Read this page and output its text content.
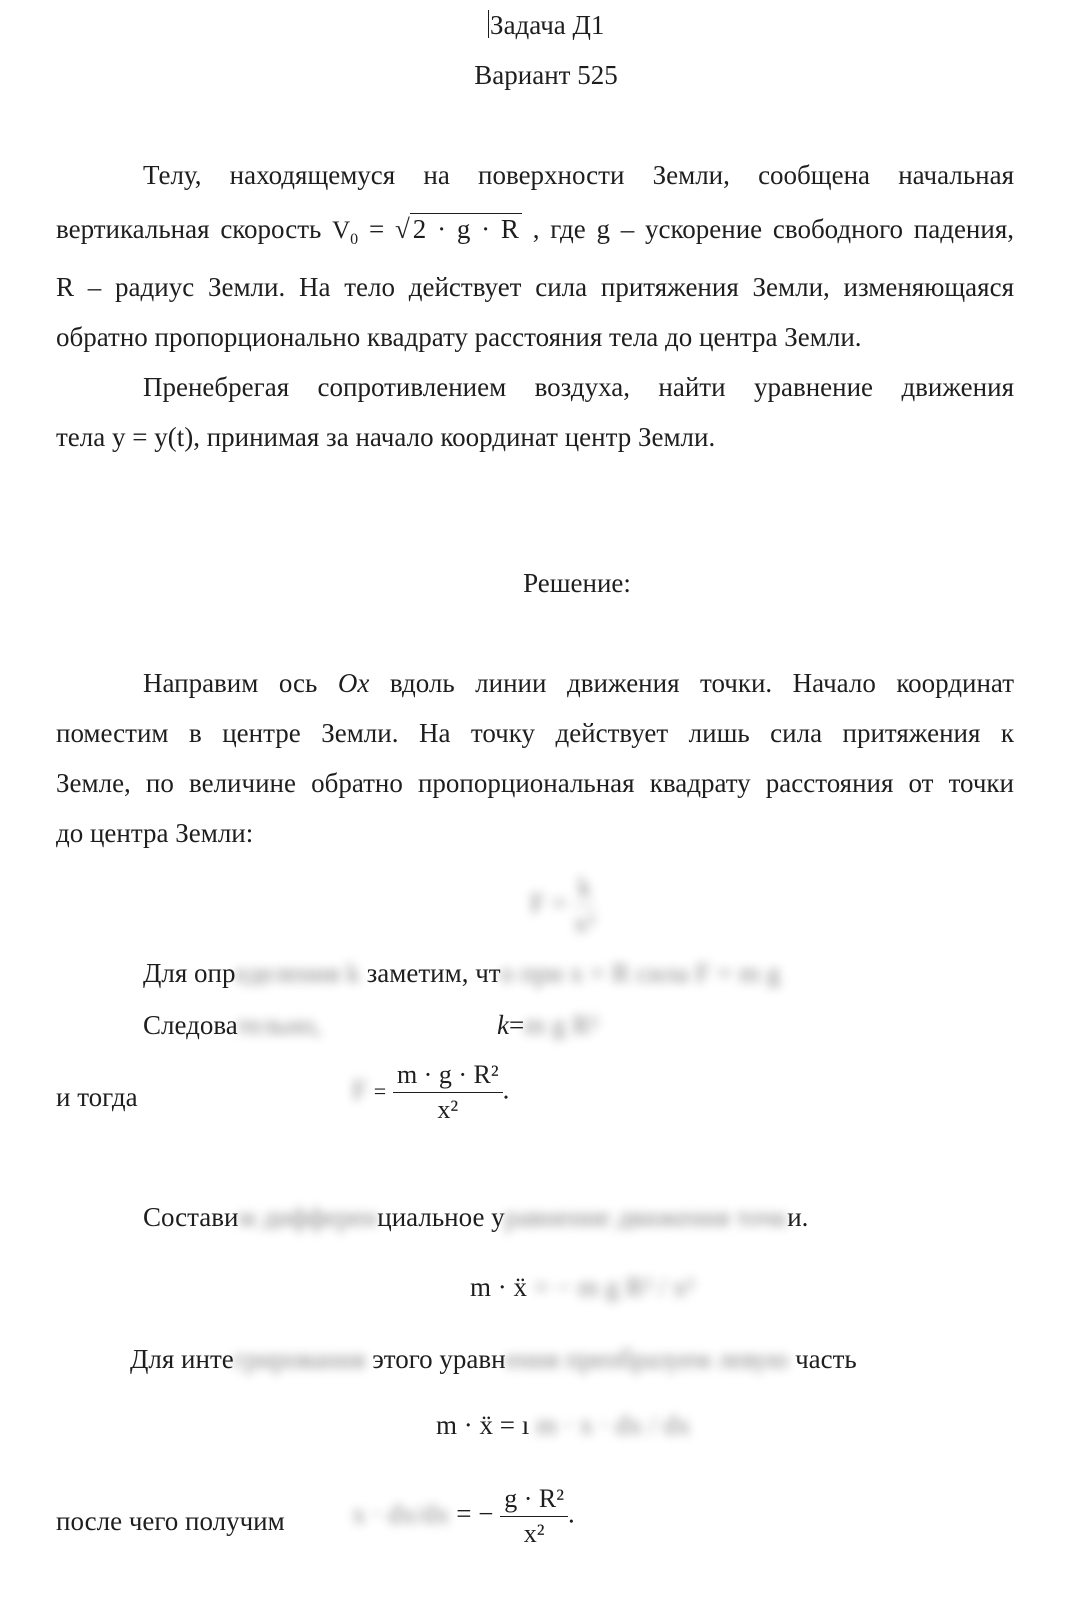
Задача Д1
Вариант 525
Телу, находящемуся на поверхности Земли, сообщена начальная
вертикальная скорость $V_0$ = √ 2 · g · R , где g – ускорение свободного падения,
R – радиус Земли. На тело действует сила притяжения Земли, изменяющаяся
обратно пропорционально квадрату расстояния тела до центра Земли.
Пренебрегая сопротивлением воздуха, найти уравнение движения
тела y = y(t), принимая за начало координат центр Земли.
Решение:
Направим ось Ox вдоль линии движения точки. Начало координат
поместим в центре Земли. На точку действует лишь сила притяжения к
Земле, по величине обратно пропорциональная квадрату расстояния от точки
до центра Земли:
$F = \frac{k}{\text{x²}}$
Для определения k заметим, что при x = R сила F = m g
Следовательно,	k=m g R²
и тогда	$F = \frac{\text{m · g · R²}}{\text{x²}}$ .
Составим дифференциальное уравнение движения точки.
m · ẍ = − m g R² / x²
Для интегрирования этого уравнения преобразуем левую часть
m · ẍ = ı m · x · dx / dx
после чего получим x · dx/dx = − $\frac{\text{g · R²}}{\text{x²}}$ .
